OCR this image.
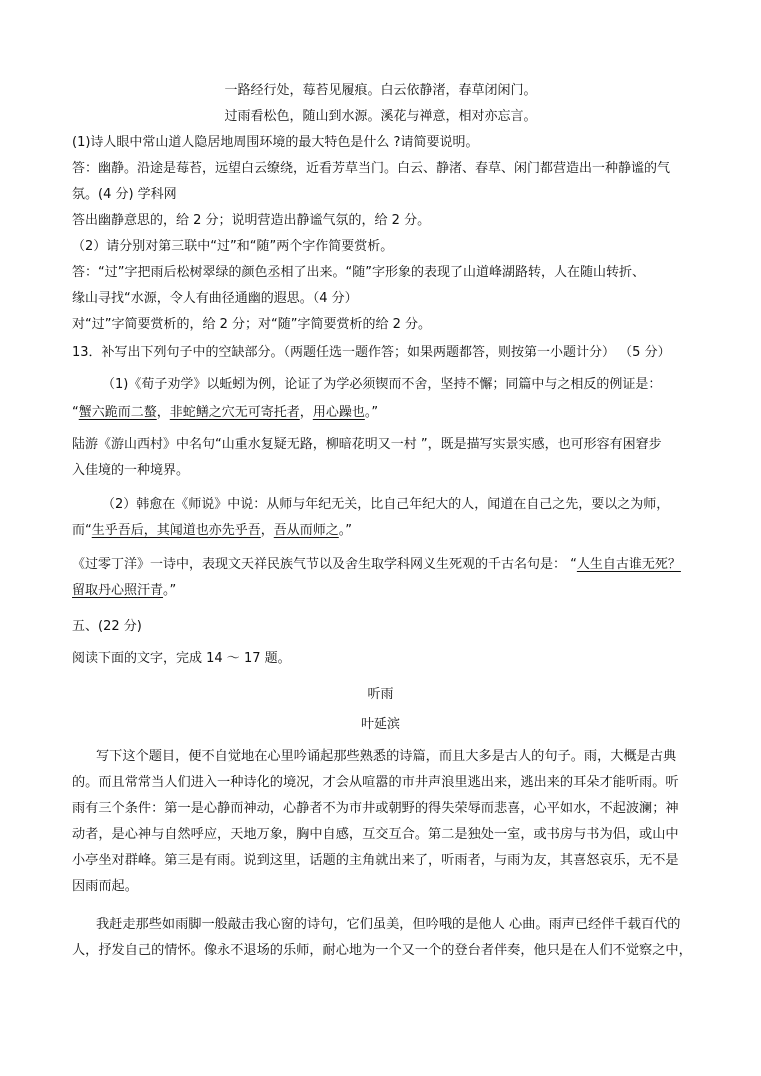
一路经行处，莓苔见履痕。白云依静渚，春草闭闲门。
过雨看松色，随山到水源。溪花与禅意，相对亦忘言。
(1)诗人眼中常山道人隐居地周围环境的最大特色是什么 ?请简要说明。
答：幽静。沿途是莓苔，远望白云缭绕，近看芳草当门。白云、静渚、春草、闲门都营造出一种静谧的气
氛。(4 分) 学科网
答出幽静意思的，给 2 分；说明营造出静谧气氛的，给 2 分。
（2）请分别对第三联中“过”和“随”两个字作简要赏析。
答：“过”字把雨后松树翠绿的颜色丞相了出来。“随”字形象的表现了山道峰湖路转，人在随山转折、
缘山寻找“水源，令人有曲径通幽的遐思。（4 分）
对“过”字简要赏析的，给 2 分；对“随”字简要赏析的给 2 分。
13．补写出下列句子中的空缺部分。（两题任选一题作答；如果两题都答，则按第一小题计分） （5 分）
（1)《荀子劝学》以蚯蚓为例，论证了为学必须锲而不舍，坚持不懈；同篇中与之相反的例证是：
“蟹六跪而二螯，非蛇鳝之穴无可寄托者，用心躁也。”
陆游《游山西村》中名句“山重水复疑无路，柳暗花明又一村 ”，既是描写实景实感，也可形容有困窘步
入佳境的一种境界。
（2）韩愈在《师说》中说：从师与年纪无关，比自己年纪大的人，闻道在自己之先，要以之为师，
而“生乎吾后，其闻道也亦先乎吾，吾从而师之。”
《过零丁洋》一诗中，表现文天祥民族气节以及舍生取学科网义生死观的千古名句是： “人生自古谁无死？
留取丹心照汗青。”
五、(22 分)
阅读下面的文字，完成 14 ～ 17 题。
听雨
叶延滨
写下这个题目，便不自觉地在心里吟诵起那些熟悉的诗篇，而且大多是古人的句子。雨，大概是古典
的。而且常常当人们进入一种诗化的境况，才会从喧嚣的市井声浪里逃出来，逃出来的耳朵才能听雨。听
雨有三个条件：第一是心静而神动，心静者不为市井或朝野的得失荣辱而悲喜，心平如水，不起波澜；神
动者，是心神与自然呼应，天地万象，胸中自感，互交互合。第二是独处一室，或书房与书为侣，或山中
小亭坐对群峰。第三是有雨。说到这里，话题的主角就出来了，听雨者，与雨为友，其喜怒哀乐，无不是
因雨而起。
我赶走那些如雨脚一般敲击我心窗的诗句，它们虽美，但吟哦的是他人 心曲。雨声已经伴千载百代的
人，抒发自己的情怀。像永不退场的乐师，耐心地为一个又一个的登台者伴奏，他只是在人们不觉察之中，
